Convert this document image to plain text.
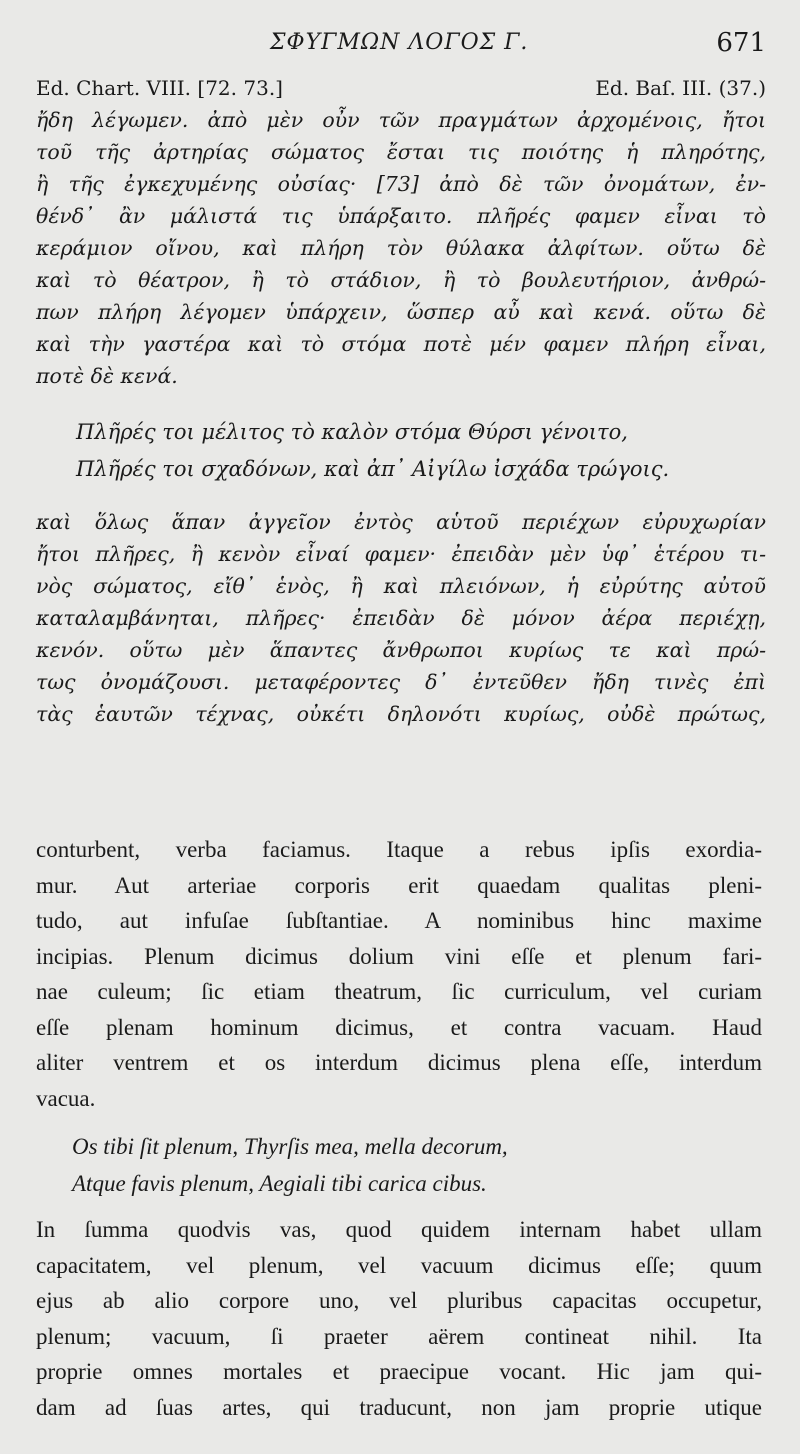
ΣΦΥΓΜΩΝ ΛΟΓΟΣ Γ.	671
Ed. Chart. VIII. [72. 73.]	Ed. Baſ. III. (37.)

ἤδη λέγωμεν. ἀπὸ μὲν οὖν τῶν πραγμάτων ἀρχομένοις, ἤτοι
τοῦ τῆς ἀρτηρίας σώματος ἔσται τις ποιότης ἡ πληρότης,
ἢ τῆς ἐγκεχυμένης οὐσίας· [73] ἀπὸ δὲ τῶν ὀνομάτων, ἐν-
θένδ᾽ ἂν μάλιστά τις ὑπάρξαιτο. πλῆρές φαμεν εἶναι τὸ
κεράμιον οἴνου, καὶ πλήρη τὸν θύλακα ἀλφίτων. οὕτω δὲ
καὶ τὸ θέατρον, ἢ τὸ στάδιον, ἢ τὸ βουλευτήριον, ἀνθρώ-
πων πλήρη λέγομεν ὑπάρχειν, ὥσπερ αὖ καὶ κενά. οὕτω δὲ
καὶ τὴν γαστέρα καὶ τὸ στόμα ποτὲ μέν φαμεν πλήρη εἶναι,
ποτὲ δὲ κενά.

Πλῆρές τοι μέλιτος τὸ καλὸν στόμα Θύρσι γένοιτο,
Πλῆρές τοι σχαδόνων, καὶ ἀπ᾽ Αἰγίλω ἰσχάδα τρώγοις.

καὶ ὅλως ἅπαν ἀγγεῖον ἐντὸς αὑτοῦ περιέχων εὐρυχωρίαν
ἤτοι πλῆρες, ἢ κενὸν εἶναί φαμεν· ἐπειδὰν μὲν ὑφ᾽ ἑτέρου τι-
νὸς σώματος, εἴθ᾽ ἑνὸς, ἢ καὶ πλειόνων, ἡ εὐρύτης αὐτοῦ
καταλαμβάνηται, πλῆρες· ἐπειδὰν δὲ μόνον ἀέρα περιέχῃ,
κενόν. οὕτω μὲν ἅπαντες ἄνθρωποι κυρίως τε καὶ πρώ-
τως ὀνομάζουσι. μεταφέροντες δ᾽ ἐντεῦθεν ἤδη τινὲς ἐπὶ
τὰς ἑαυτῶν τέχνας, οὐκέτι δηλονότι κυρίως, οὐδὲ πρώτως,

conturbent, verba faciamus. Itaque a rebus ipſis exordia-
mur. Aut arteriae corporis erit quaedam qualitas pleni-
tudo, aut infuſae ſubſtantiae. A nominibus hinc maxime
incipias. Plenum dicimus dolium vini eſſe et plenum fari-
nae culeum; ſic etiam theatrum, ſic curriculum, vel curiam
eſſe plenam hominum dicimus, et contra vacuam. Haud
aliter ventrem et os interdum dicimus plena eſſe, interdum
vacua.
Os tibi ſit plenum, Thyrſis mea, mella decorum,
Atque favis plenum, Aegiali tibi carica cibus.
In ſumma quodvis vas, quod quidem internam habet ullam
capacitatem, vel plenum, vel vacuum dicimus eſſe; quum
ejus ab alio corpore uno, vel pluribus capacitas occupetur,
plenum; vacuum, ſi praeter aërem contineat nihil. Ita
proprie omnes mortales et praecipue vocant. Hic jam qui-
dam ad ſuas artes, qui traducunt, non jam proprie utique
